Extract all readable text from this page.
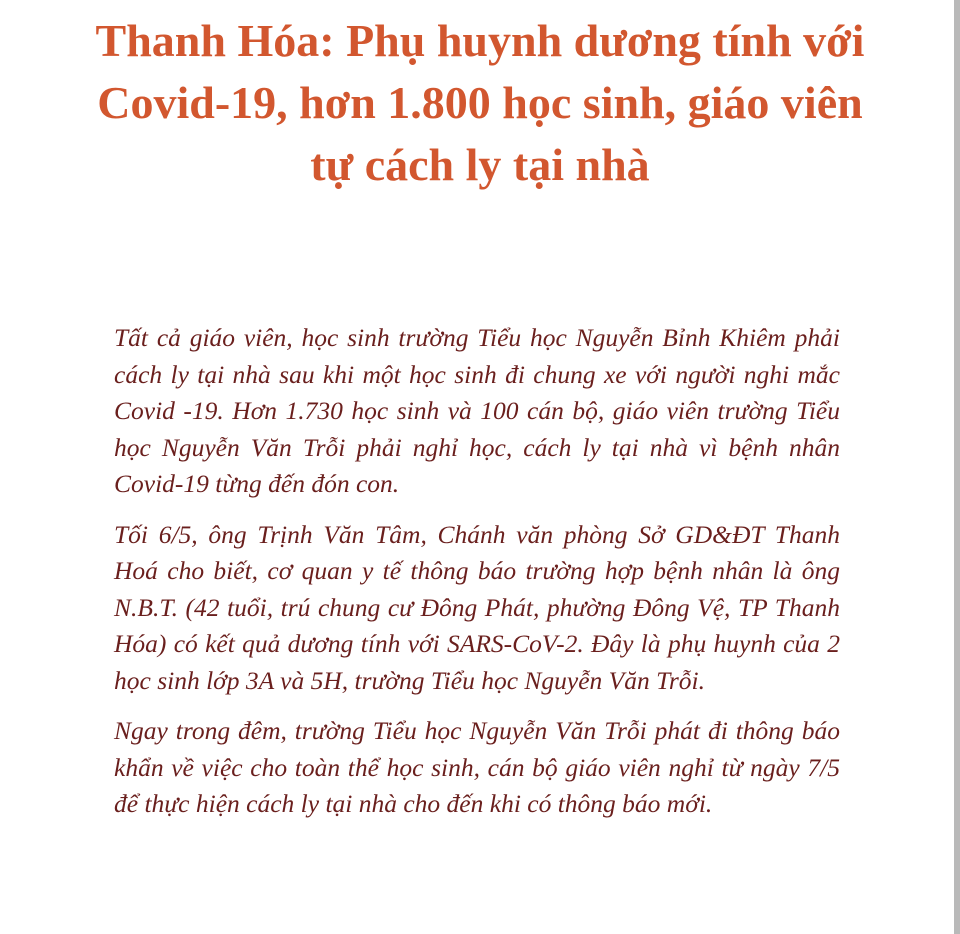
Thanh Hóa: Phụ huynh dương tính với Covid-19, hơn 1.800 học sinh, giáo viên tự cách ly tại nhà

Tất cả giáo viên, học sinh trường Tiểu học Nguyễn Bỉnh Khiêm phải cách ly tại nhà sau khi một học sinh đi chung xe với người nghi mắc Covid -19. Hơn 1.730 học sinh và 100 cán bộ, giáo viên trường Tiểu học Nguyễn Văn Trỗi phải nghỉ học, cách ly tại nhà vì bệnh nhân Covid-19 từng đến đón con.

Tối 6/5, ông Trịnh Văn Tâm, Chánh văn phòng Sở GD&ĐT Thanh Hoá cho biết, cơ quan y tế thông báo trường hợp bệnh nhân là ông N.B.T. (42 tuổi, trú chung cư Đông Phát, phường Đông Vệ, TP Thanh Hóa) có kết quả dương tính với SARS-CoV-2. Đây là phụ huynh của 2 học sinh lớp 3A và 5H, trường Tiểu học Nguyễn Văn Trỗi.

Ngay trong đêm, trường Tiểu học Nguyễn Văn Trỗi phát đi thông báo khẩn về việc cho toàn thể học sinh, cán bộ giáo viên nghỉ từ ngày 7/5 để thực hiện cách ly tại nhà cho đến khi có thông báo mới.
